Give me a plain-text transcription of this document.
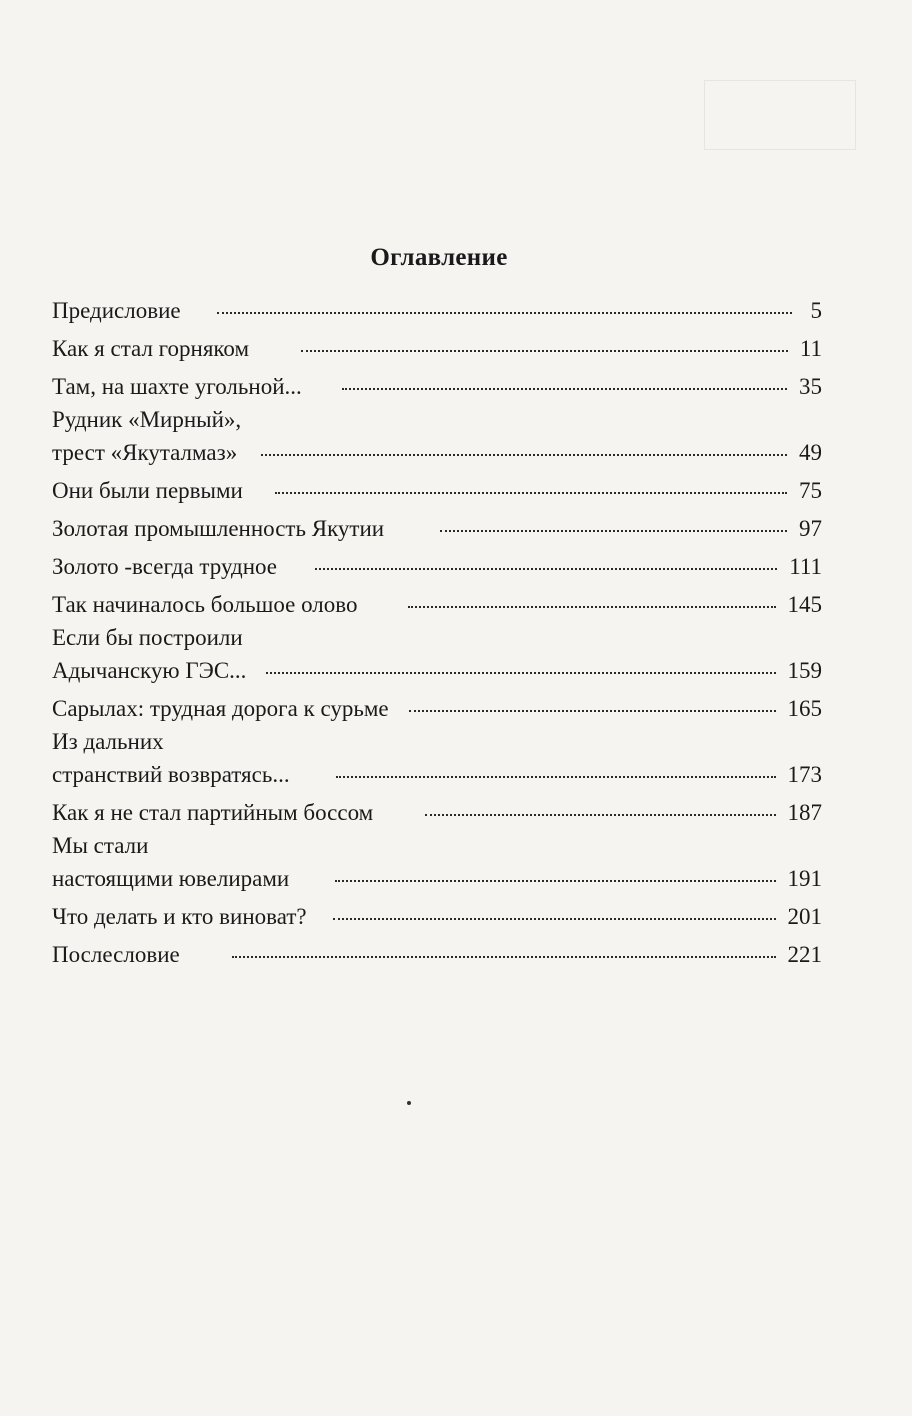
Оглавление
Предисловие	5
Как я стал горняком	11
Там, на шахте угольной...	35
Рудник «Мирный»,
трест «Якуталмаз»	49
Они были первыми	75
Золотая промышленность Якутии	97
Золото -всегда трудное	111
Так начиналось большое олово	145
Если бы построили
Адычанскую ГЭС...	159
Сарылах: трудная дорога к сурьме	165
Из дальних
странствий возвратясь...	173
Как я не стал партийным боссом	187
Мы стали
настоящими ювелирами	191
Что делать и кто виноват?	201
Послесловие	221
